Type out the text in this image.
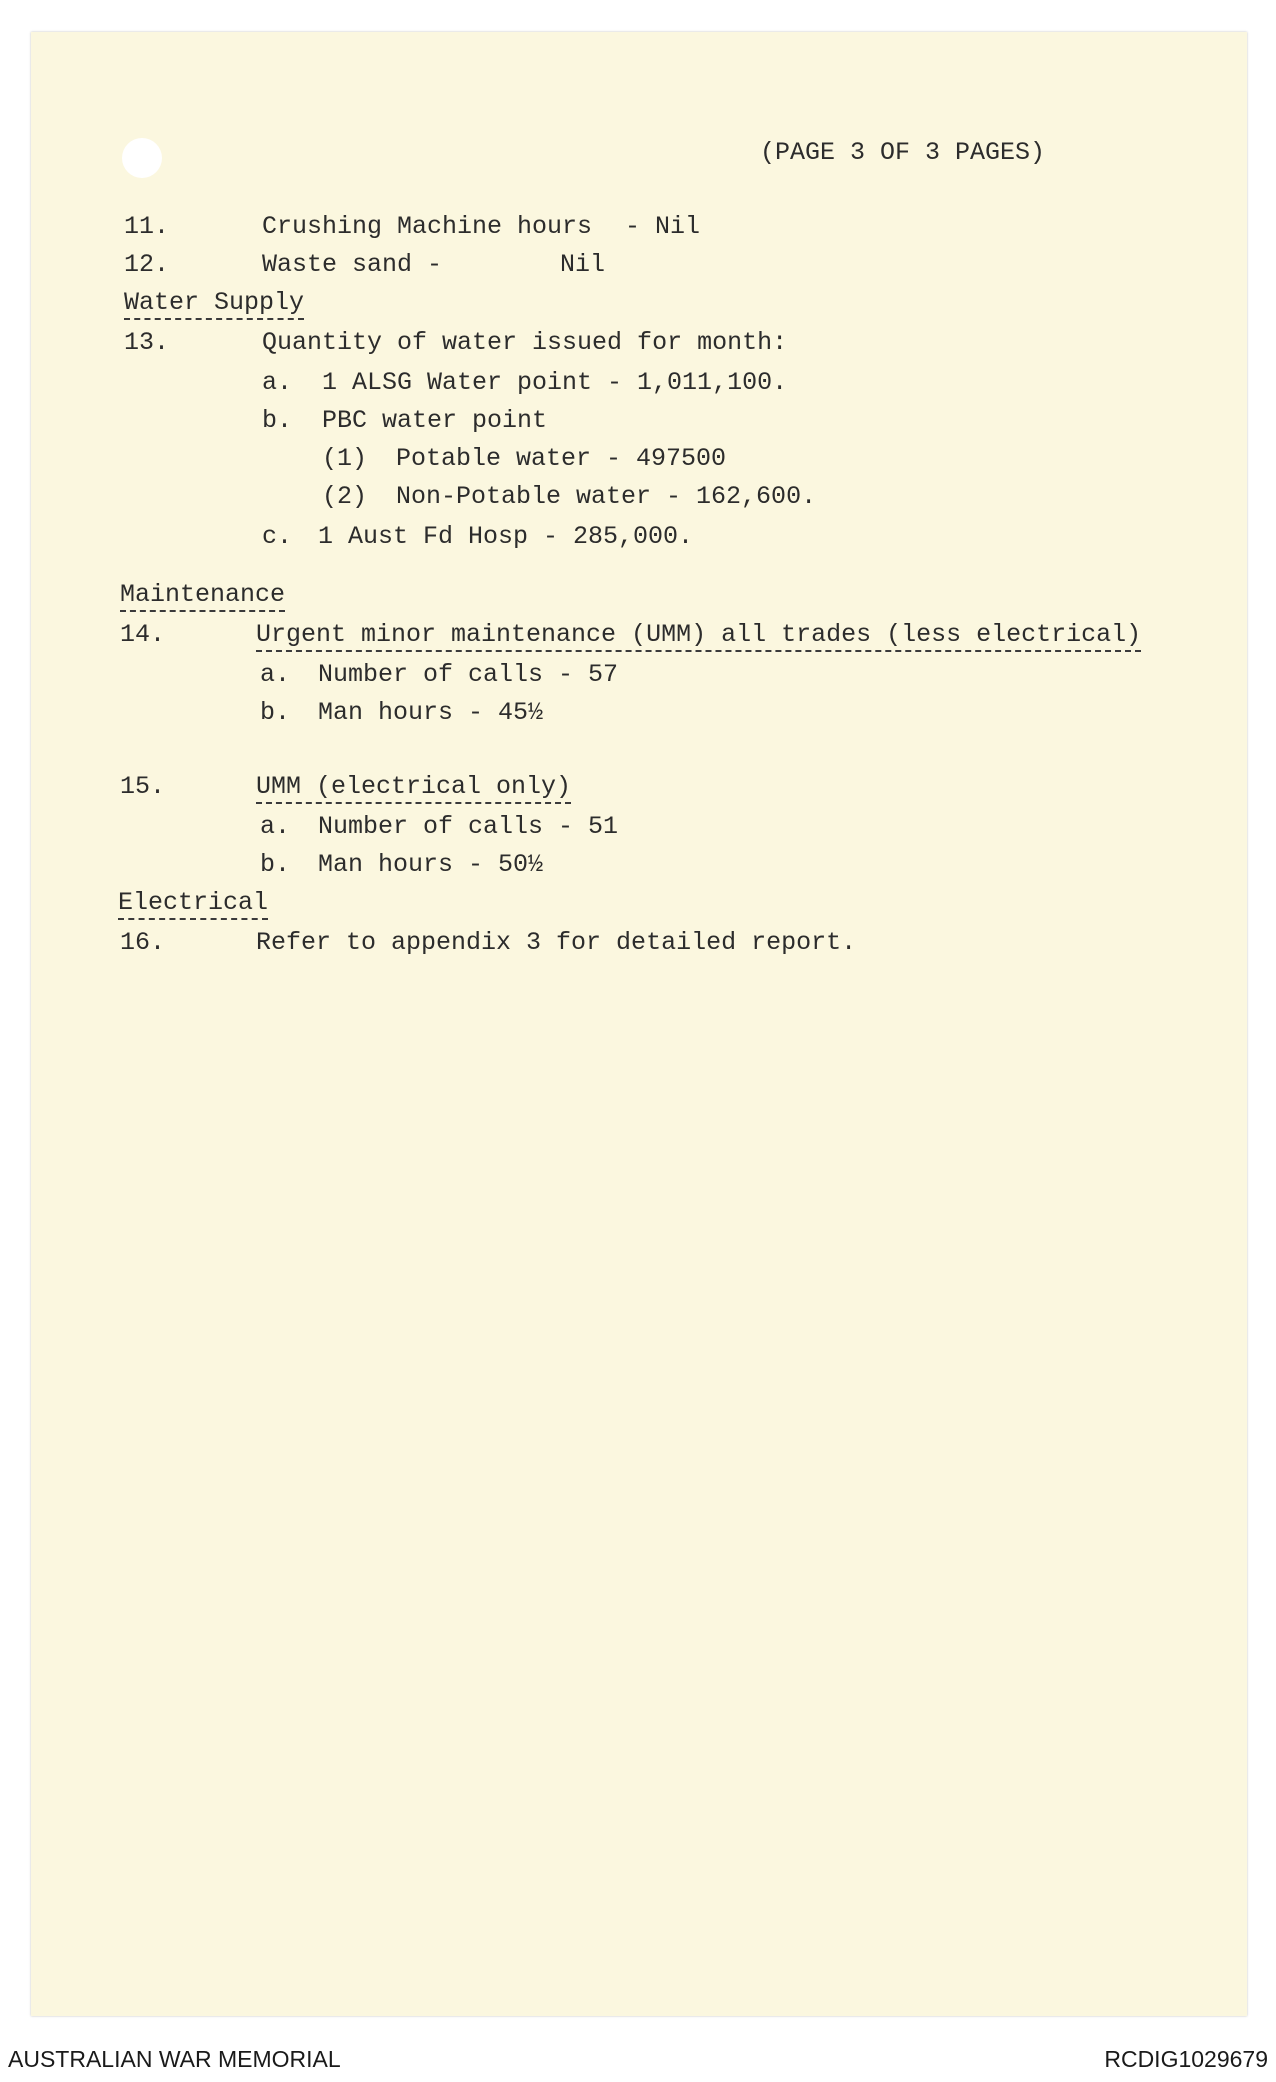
(PAGE 3 OF 3 PAGES)
11.	Crushing Machine hours - Nil
12.	Waste sand -	Nil
Water Supply
13.	Quantity of water issued for month:
a. 1 ALSG Water point - 1,011,100.
b. PBC water point
(1) Potable water - 497500
(2) Non-Potable water - 162,600.
c. 1 Aust Fd Hosp - 285,000.
Maintenance
14.	Urgent minor maintenance (UMM) all trades (less electrical)
a. Number of calls - 57
b. Man hours - 45½
15.	UMM (electrical only)
a. Number of calls - 51
b. Man hours - 50½
Electrical
16.	Refer to appendix 3 for detailed report.
AUSTRALIAN WAR MEMORIAL	RCDIG1029679
